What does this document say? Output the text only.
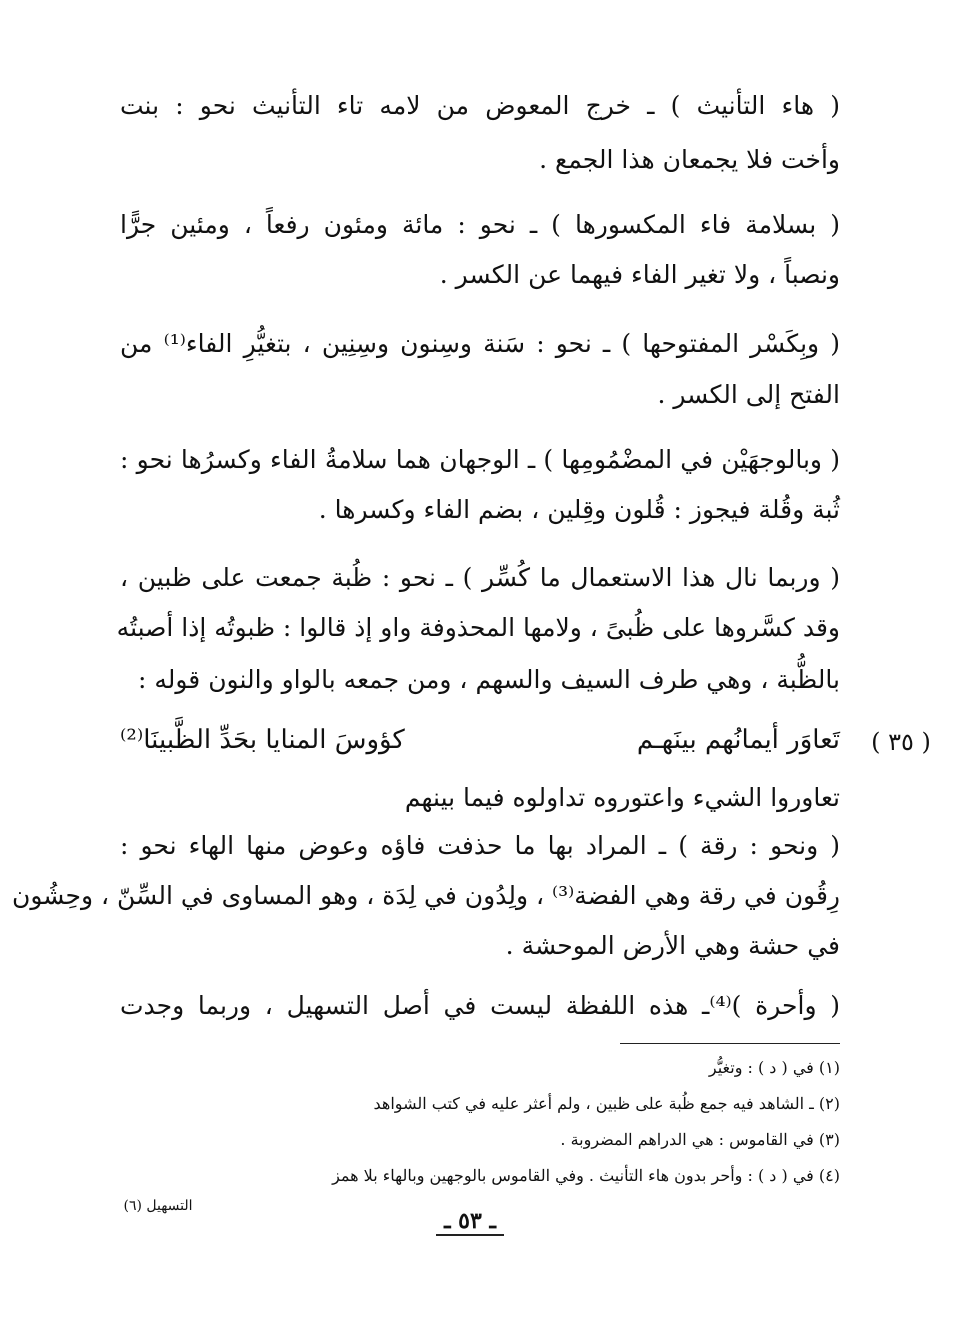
( هاء التأنيث ) ـ خرج المعوض من لامه تاء التأنيث نحو : بنت
وأخت فلا يجمعان هذا الجمع .
( بسلامة فاء المكسورها ) ـ نحو : مائة ومئون رفعاً ، ومئين جرًّا
ونصباً ، ولا تغير الفاء فيهما عن الكسر .
( وبِكَسْر المفتوحها ) ـ نحو : سَنة وسِنون وسِنِين ، بتغيُّرِ الفاء⁽¹⁾ من
الفتح إلى الكسر .
( وبالوجهَيْن في المضْمُومِها ) ـ الوجهان هما سلامةُ الفاء وكسرُها نحو :
ثُبة وقُلة فيجوز : قُلون وقِلين ، بضم الفاء وكسرها .
( وربما نال هذا الاستعمال ما كُسِّر ) ـ نحو : ظُبة جمعت على ظبين ،
وقد كسَّروها على ظُبىً ، ولامها المحذوفة واو إذ قالوا : ظبوتُه إذا أصبتُه
بالظُّبة ، وهي طرف السيف والسهم ، ومن جمعه بالواو والنون قوله :
( ٣٥ )
تَعاوَر أيمانُهم بينَهـم
كؤوسَ المنايا بحَدِّ الظَّبينَا⁽²⁾
تعاوروا الشيء واعتوروه تداولوه فيما بينهم
( ونحو : رقة ) ـ المراد بها ما حذفت فاؤه وعوض منها الهاء نحو :
رِقُون في رقة وهي الفضة⁽³⁾ ، ولِدُون في لِدَة ، وهو المساوى في السِّنّ ، وحِشُون
في حشة وهي الأرض الموحشة .
( وأحرة )⁽⁴⁾ـ هذه اللفظة ليست في أصل التسهيل ، وربما وجدت
(١) في ( د ) : وتغيُّر
(٢) ـ الشاهد فيه جمع ظُبة على ظبين ، ولم أعثر عليه في كتب الشواهد
(٣) في القاموس : هي الدراهم المضروبة .
(٤) في ( د ) : وأحر بدون هاء التأنيث . وفي القاموس بالوجهين وبالهاء بلا همز
التسهيل (٦)
ـ ٥٣ ـ
